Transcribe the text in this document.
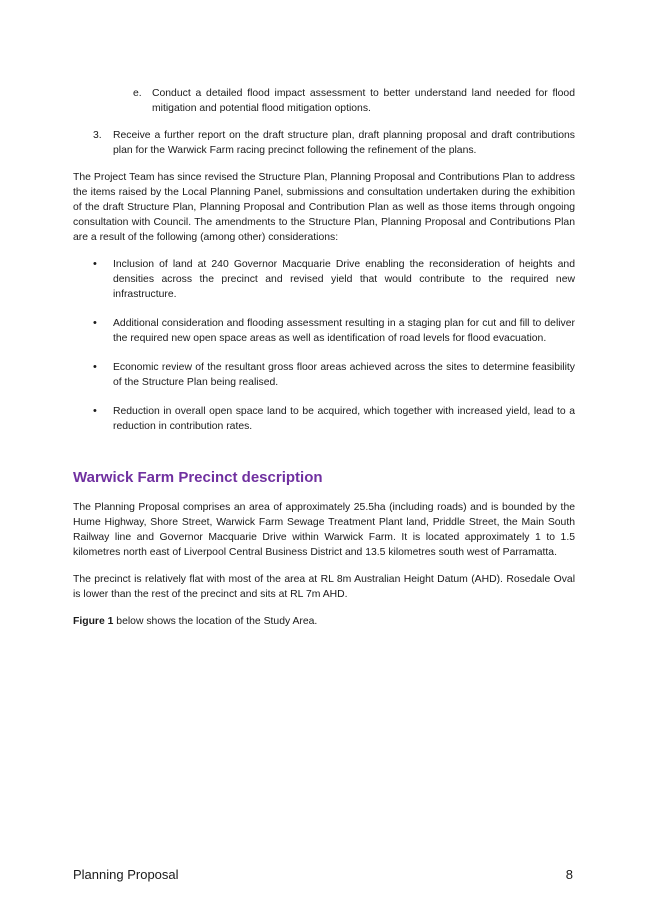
e. Conduct a detailed flood impact assessment to better understand land needed for flood mitigation and potential flood mitigation options.

3. Receive a further report on the draft structure plan, draft planning proposal and draft contributions plan for the Warwick Farm racing precinct following the refinement of the plans.

The Project Team has since revised the Structure Plan, Planning Proposal and Contributions Plan to address the items raised by the Local Planning Panel, submissions and consultation undertaken during the exhibition of the draft Structure Plan, Planning Proposal and Contribution Plan as well as those items through ongoing consultation with Council. The amendments to the Structure Plan, Planning Proposal and Contributions Plan are a result of the following (among other) considerations:

• Inclusion of land at 240 Governor Macquarie Drive enabling the reconsideration of heights and densities across the precinct and revised yield that would contribute to the required new infrastructure.
• Additional consideration and flooding assessment resulting in a staging plan for cut and fill to deliver the required new open space areas as well as identification of road levels for flood evacuation.
• Economic review of the resultant gross floor areas achieved across the sites to determine feasibility of the Structure Plan being realised.
• Reduction in overall open space land to be acquired, which together with increased yield, lead to a reduction in contribution rates.
Warwick Farm Precinct description

The Planning Proposal comprises an area of approximately 25.5ha (including roads) and is bounded by the Hume Highway, Shore Street, Warwick Farm Sewage Treatment Plant land, Priddle Street, the Main South Railway line and Governor Macquarie Drive within Warwick Farm. It is located approximately 1 to 1.5 kilometres north east of Liverpool Central Business District and 13.5 kilometres south west of Parramatta.

The precinct is relatively flat with most of the area at RL 8m Australian Height Datum (AHD). Rosedale Oval is lower than the rest of the precinct and sits at RL 7m AHD.

Figure 1 below shows the location of the Study Area.

Planning Proposal	8
